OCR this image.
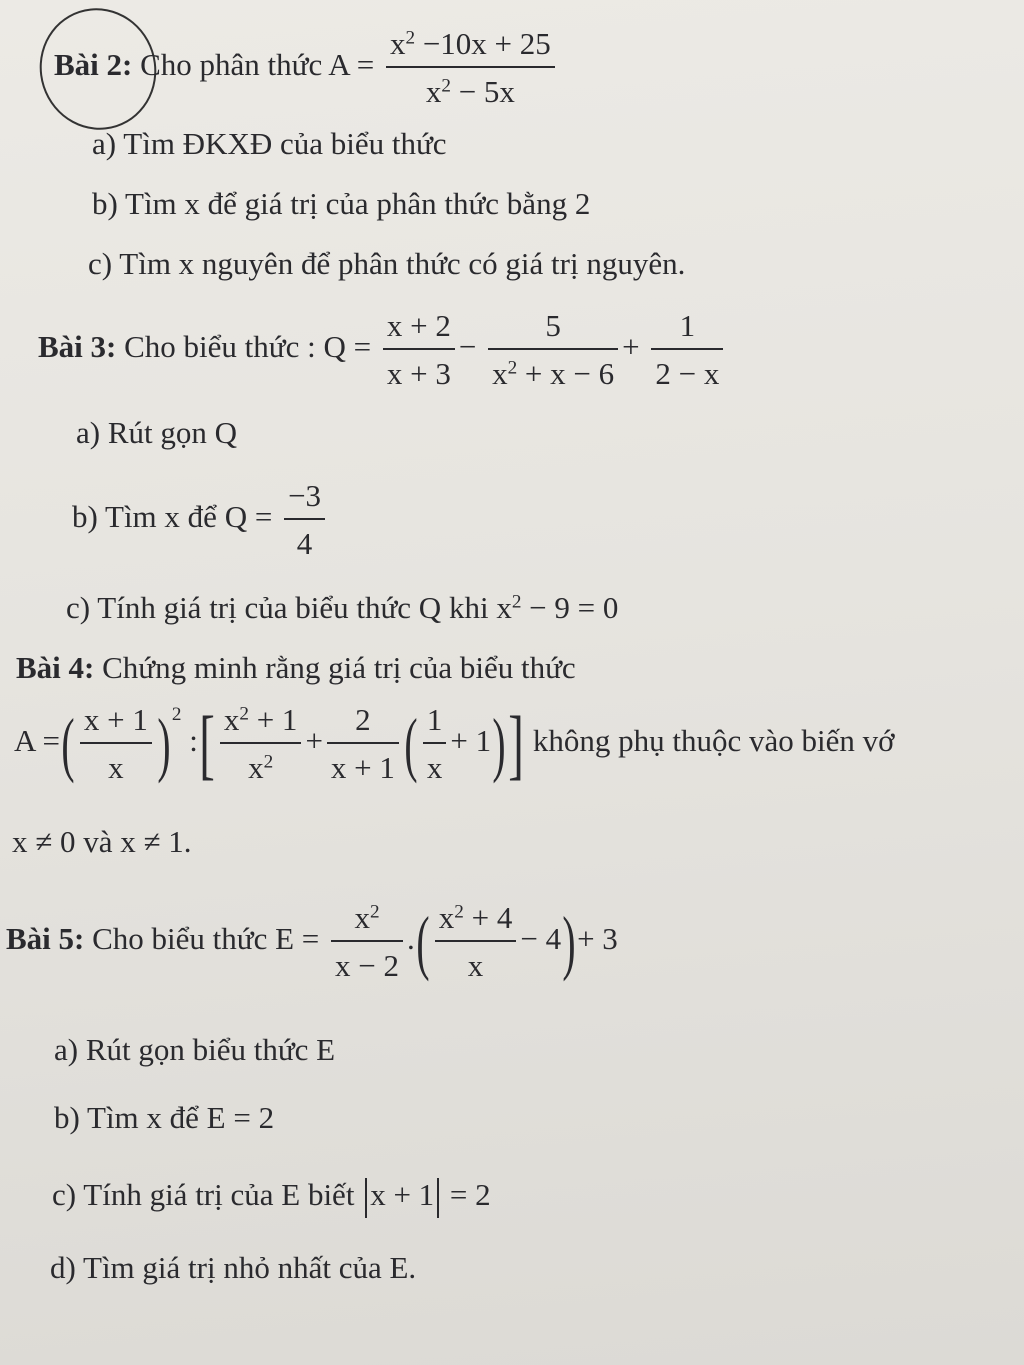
Bài 2: Cho phân thức $A = \frac{x^2 -10x + 25}{x^2 - 5x}$
a) Tìm ĐKXĐ của biểu thức
b) Tìm x để giá trị của phân thức bằng 2
c) Tìm x nguyên để phân thức có giá trị nguyên.
Bài 3: Cho biểu thức : $Q = \frac{x + 2}{x + 3} - \frac{5}{x^2 + x - 6} + \frac{1}{2 - x}$
a) Rút gọn Q
b) Tìm x để $Q = \frac{-3}{4}$
c) Tính giá trị của biểu thức Q khi $x^2 - 9 = 0$
Bài 4: Chứng minh rằng giá trị của biểu thức
A =( $\frac{x + 1}{x} )^2$ :[ $\frac{x^2 + 1}{x^2} + \frac{2}{x + 1}$ ( $\frac{1}{x} + 1$)] không phụ thuộc vào biến vớ
x ≠ 0 và x ≠ 1.
Bài 5: Cho biểu thức $E = \frac{x^2}{x - 2}$ .( $\frac{x^2 + 4}{x} - 4)+ 3$
a) Rút gọn biểu thức E
b) Tìm x để E = 2
c) Tính giá trị của E biết x + 1 = 2
d) Tìm giá trị nhỏ nhất của E.
